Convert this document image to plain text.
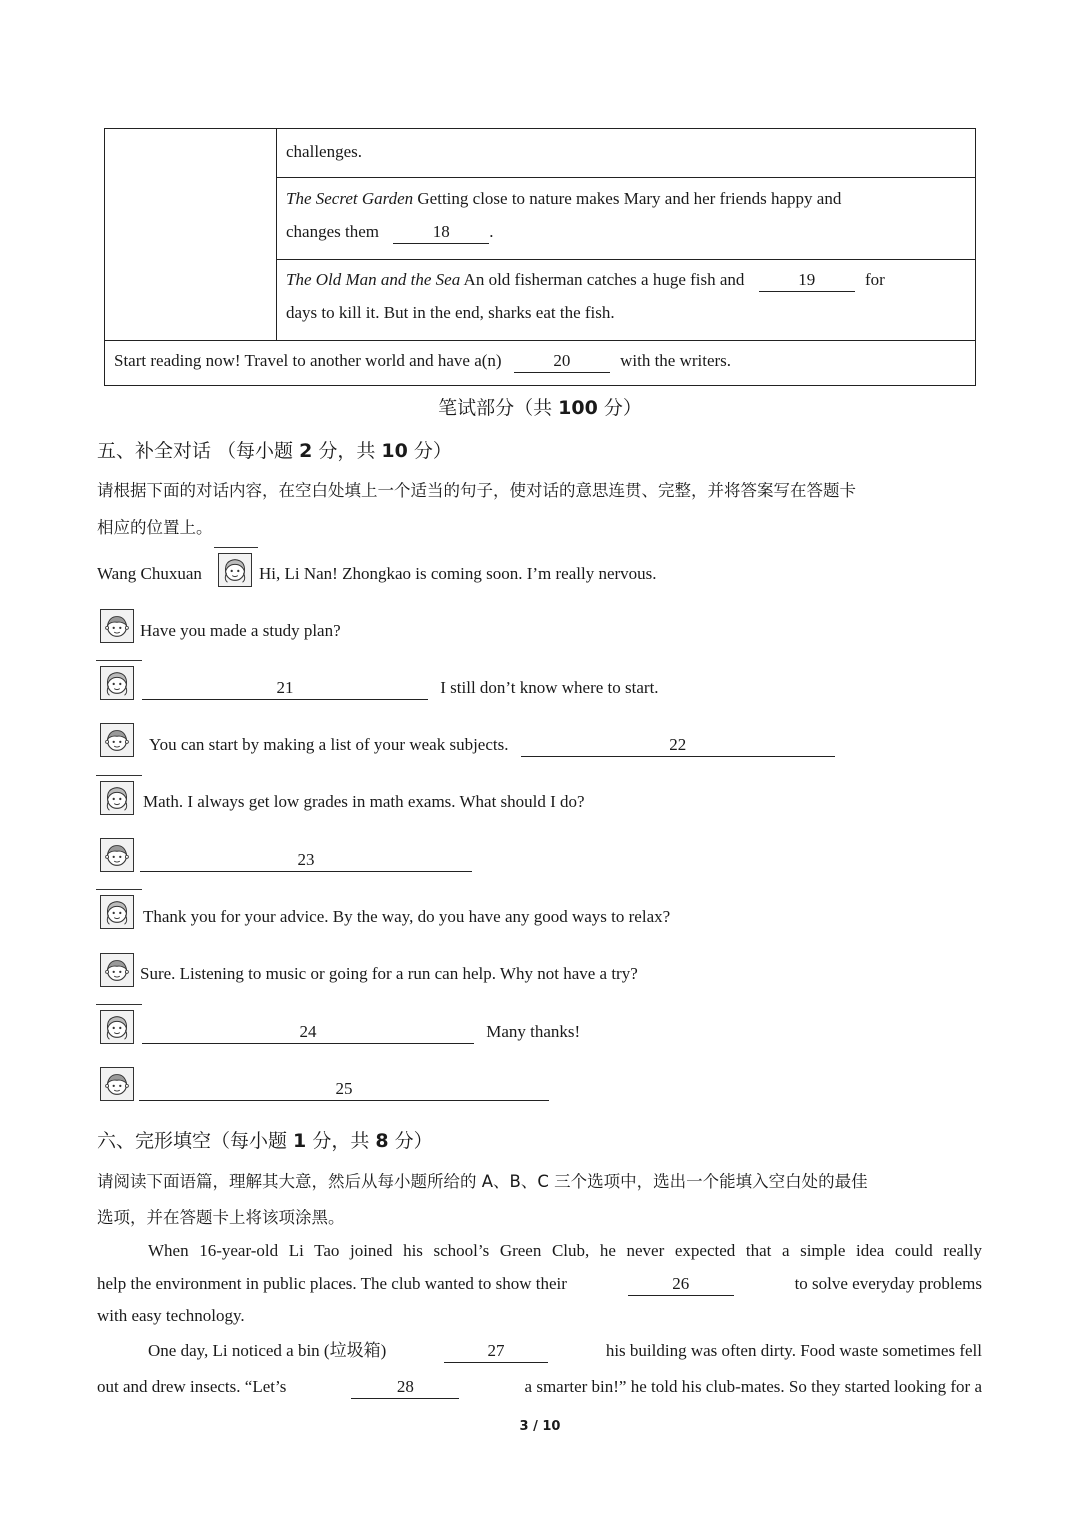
challenges.
The Secret Garden Getting close to nature makes Mary and her friends happy and
changes them	18 .
The Old Man and the Sea An old fisherman catches a huge fish and	19	for
days to kill it. But in the end, sharks eat the fish.
Start reading now! Travel to another world and have a(n)	20	with the writers.
笔试部分（共 100 分）
五、补全对话 （每小题 2 分，共 10 分）
请根据下面的对话内容，在空白处填上一个适当的句子，使对话的意思连贯、完整，并将答案写在答题卡
相应的位置上。
Wang Chuxuan	Hi, Li Nan! Zhongkao is coming soon. I’m really nervous.
Have you made a study plan?
21	I still don’t know where to start.
You can start by making a list of your weak subjects.	22
Math. I always get low grades in math exams. What should I do?
23
Thank you for your advice. By the way, do you have any good ways to relax?
Sure. Listening to music or going for a run can help. Why not have a try?
24	Many thanks!
25
六、完形填空（每小题 1 分，共 8 分）
请阅读下面语篇，理解其大意，然后从每小题所给的 A、B、C 三个选项中，选出一个能填入空白处的最佳
选项，并在答题卡上将该项涂黑。
When 16-year-old Li Tao joined his school’s Green Club, he never expected that a simple idea could really
help the environment in public places. The club wanted to show their	26	to solve everyday problems
with easy technology.
One day, Li noticed a bin (垃圾箱)	27	his building was often dirty. Food waste sometimes fell
out and drew insects. “Let’s	28	a smarter bin!” he told his club-mates. So they started looking for a
3 / 10
